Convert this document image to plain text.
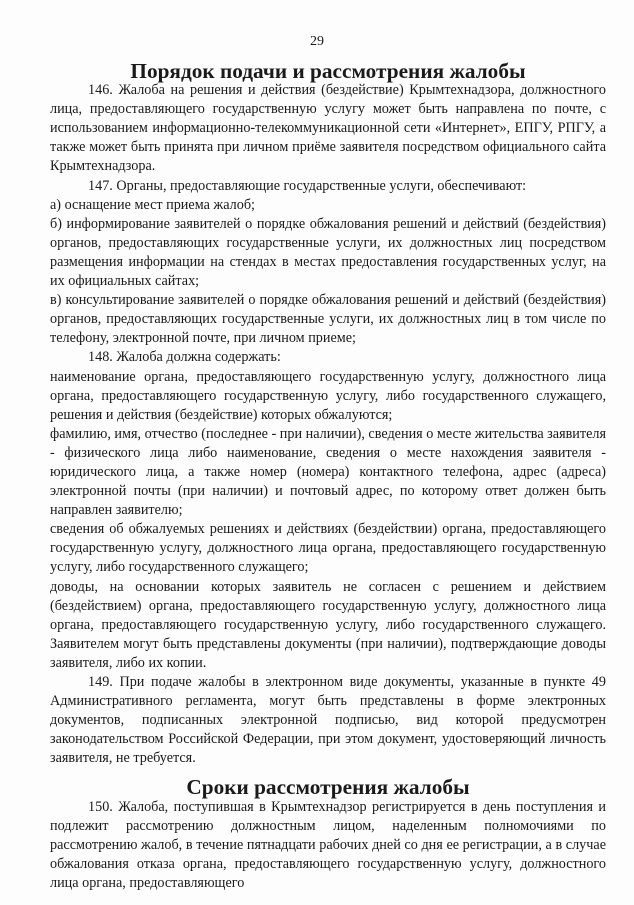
29
Порядок подачи и рассмотрения жалобы

146. Жалоба на решения и действия (бездействие) Крымтехнадзора, должностного лица, предоставляющего государственную услугу может быть направлена по почте, с использованием информационно-телекоммуникационной сети «Интернет», ЕПГУ, РПГУ, а также может быть принята при личном приёме заявителя посредством официального сайта Крымтехнадзора.

147. Органы, предоставляющие государственные услуги, обеспечивают:

а) оснащение мест приема жалоб;

б) информирование заявителей о порядке обжалования решений и действий (бездействия) органов, предоставляющих государственные услуги, их должностных лиц посредством размещения информации на стендах в местах предоставления государственных услуг, на их официальных сайтах;

в) консультирование заявителей о порядке обжалования решений и действий (бездействия) органов, предоставляющих государственные услуги, их должностных лиц в том числе по телефону, электронной почте, при личном приеме;

148. Жалоба должна содержать:

наименование органа, предоставляющего государственную услугу, должностного лица органа, предоставляющего государственную услугу, либо государственного служащего, решения и действия (бездействие) которых обжалуются;

фамилию, имя, отчество (последнее - при наличии), сведения о месте жительства заявителя - физического лица либо наименование, сведения о месте нахождения заявителя - юридического лица, а также номер (номера) контактного телефона, адрес (адреса) электронной почты (при наличии) и почтовый адрес, по которому ответ должен быть направлен заявителю;

сведения об обжалуемых решениях и действиях (бездействии) органа, предоставляющего государственную услугу, должностного лица органа, предоставляющего государственную услугу, либо государственного служащего;

доводы, на основании которых заявитель не согласен с решением и действием (бездействием) органа, предоставляющего государственную услугу, должностного лица органа, предоставляющего государственную услугу, либо государственного служащего. Заявителем могут быть представлены документы (при наличии), подтверждающие доводы заявителя, либо их копии.

149. При подаче жалобы в электронном виде документы, указанные в пункте 49 Административного регламента, могут быть представлены в форме электронных документов, подписанных электронной подписью, вид которой предусмотрен законодательством Российской Федерации, при этом документ, удостоверяющий личность заявителя, не требуется.

Сроки рассмотрения жалобы

150. Жалоба, поступившая в Крымтехнадзор регистрируется в день поступления и подлежит рассмотрению должностным лицом, наделенным полномочиями по рассмотрению жалоб, в течение пятнадцати рабочих дней со дня ее регистрации, а в случае обжалования отказа органа, предоставляющего государственную услугу, должностного лица органа, предоставляющего
